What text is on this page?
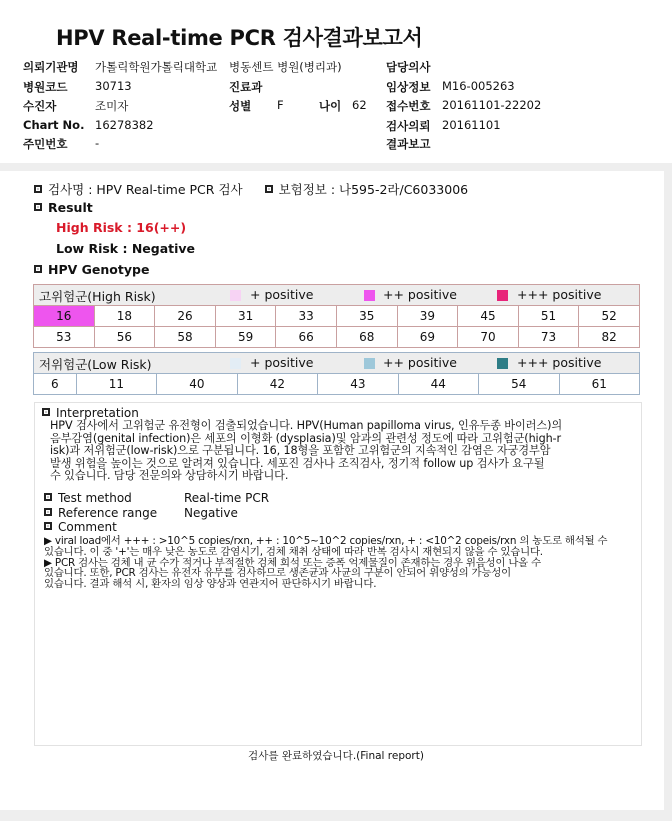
HPV Real-time PCR 검사결과보고서
의뢰기관명 가톨릭학원가톨릭대학교 병동센트 병원(병리과)	담당의사
병원코드 30713	진료과	임상정보 M16-005263
수진자	조미자	성별 F	나이 62 접수번호 20161101-22202
Chart No. 16278382	검사의뢰 20161101
주민번호 -	결과보고
검사명 : HPV Real-time PCR 검사	보험정보 : 나595-2라/C6033006
Result
High Risk : 16(++)
Low Risk : Negative
HPV Genotype
고위험군(High Risk) + positive ++ positive +++ positive									

16	18	26	31	33	35	39	45	51	52
53	56	58	59	66	68	69	70	73	82
저위험군(Low Risk)	+ positive	++ positive	+++ positive

6	11	40	42	43	44	54	61
Interpretation
HPV 검사에서 고위험군 유전형이 검출되었습니다. HPV(Human papilloma virus, 인유두종 바이러스)의
음부감염(genital infection)은 세포의 이형화 (dysplasia)및 암과의 관련성 정도에 따라 고위험군(high-r
isk)과 저위험군(low-risk)으로 구분됩니다. 16, 18형을 포함한 고위험군의 지속적인 감염은 자궁경부암
발생 위험을 높이는 것으로 알려져 있습니다. 세포진 검사나 조직검사, 정기적 follow up 검사가 요구될
수 있습니다. 담당 전문의와 상담하시기 바랍니다.
Test method	Real-time PCR
Reference range Negative
Comment

▶ viral load에서 +++ : >10^5 copies/rxn, ++ : 10^5~10^2 copies/rxn, + : <10^2 copeis/rxn 의 농도로 해석될 수

있습니다. 이 중 '+'는 매우 낮은 농도로 감염시기, 검체 채취 상태에 따라 반복 검사시 재현되지 않을 수 있습니다.

▶ PCR 검사는 검체 내 균 수가 적거나 부적절한 검체 희석 또는 증폭 억제물질이 존재하는 경우 위음성이 나올 수

있습니다. 또한, PCR 검사는 유전자 유무를 검사하므로 생존균과 사균의 구분이 안되어 위양성의 가능성이

있습니다. 결과 해석 시, 환자의 임상 양상과 연관지어 판단하시기 바랍니다.

검사를 완료하였습니다.(Final report)
